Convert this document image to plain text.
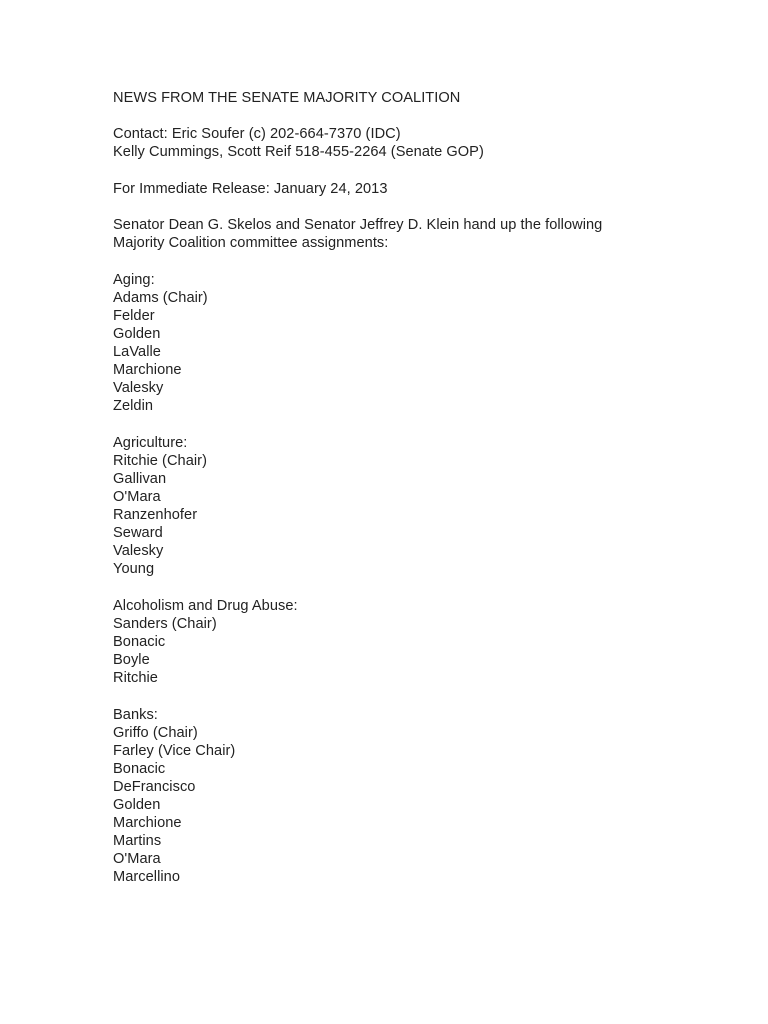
NEWS FROM THE SENATE MAJORITY COALITION
Contact: Eric Soufer (c) 202-664-7370 (IDC)
Kelly Cummings, Scott Reif 518-455-2264 (Senate GOP)
For Immediate Release: January 24, 2013
Senator Dean G. Skelos and Senator Jeffrey D. Klein hand up the following
Majority Coalition committee assignments:
Aging:
Adams (Chair)
Felder
Golden
LaValle
Marchione
Valesky
Zeldin
Agriculture:
Ritchie (Chair)
Gallivan
O'Mara
Ranzenhofer
Seward
Valesky
Young
Alcoholism and Drug Abuse:
Sanders (Chair)
Bonacic
Boyle
Ritchie
Banks:
Griffo (Chair)
Farley (Vice Chair)
Bonacic
DeFrancisco
Golden
Marchione
Martins
O'Mara
Marcellino
